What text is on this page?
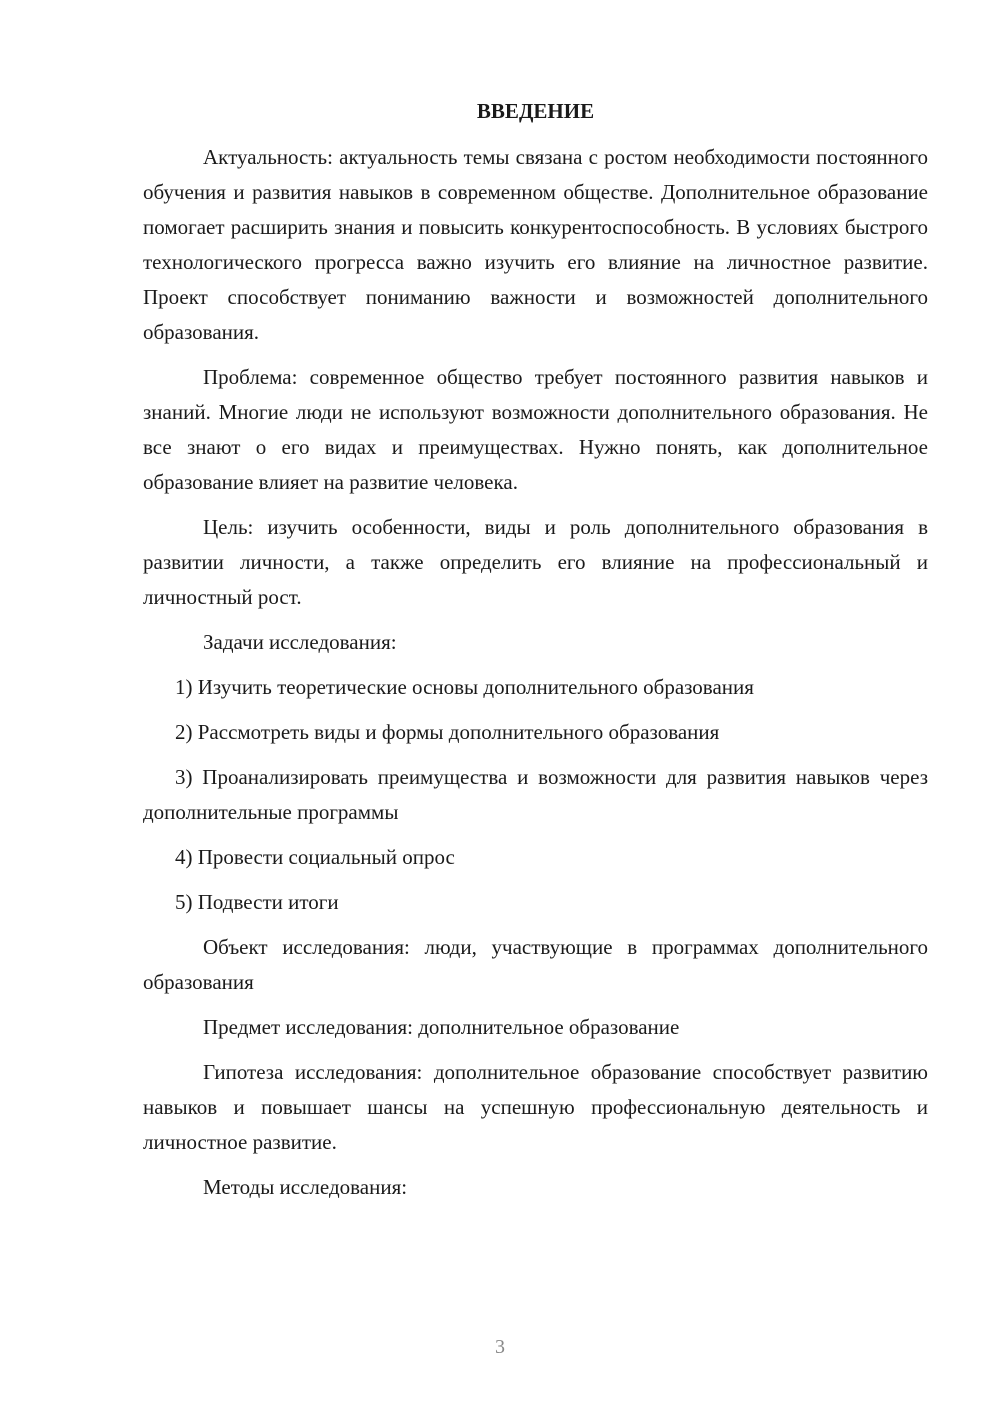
ВВЕДЕНИЕ

Актуальность: актуальность темы связана с ростом необходимости постоянного обучения и развития навыков в современном обществе. Дополнительное образование помогает расширить знания и повысить конкурентоспособность. В условиях быстрого технологического прогресса важно изучить его влияние на личностное развитие. Проект способствует пониманию важности и возможностей дополнительного образования.

Проблема: современное общество требует постоянного развития навыков и знаний. Многие люди не используют возможности дополнительного образования. Не все знают о его видах и преимуществах. Нужно понять, как дополнительное образование влияет на развитие человека.

Цель: изучить особенности, виды и роль дополнительного образования в развитии личности, а также определить его влияние на профессиональный и личностный рост.

Задачи исследования:

1) Изучить теоретические основы дополнительного образования

2) Рассмотреть виды и формы дополнительного образования

3) Проанализировать преимущества и возможности для развития навыков через дополнительные программы

4) Провести социальный опрос

5) Подвести итоги

Объект исследования: люди, участвующие в программах дополнительного образования

Предмет исследования: дополнительное образование

Гипотеза исследования: дополнительное образование способствует развитию навыков и повышает шансы на успешную профессиональную деятельность и личностное развитие.

Методы исследования:

3
